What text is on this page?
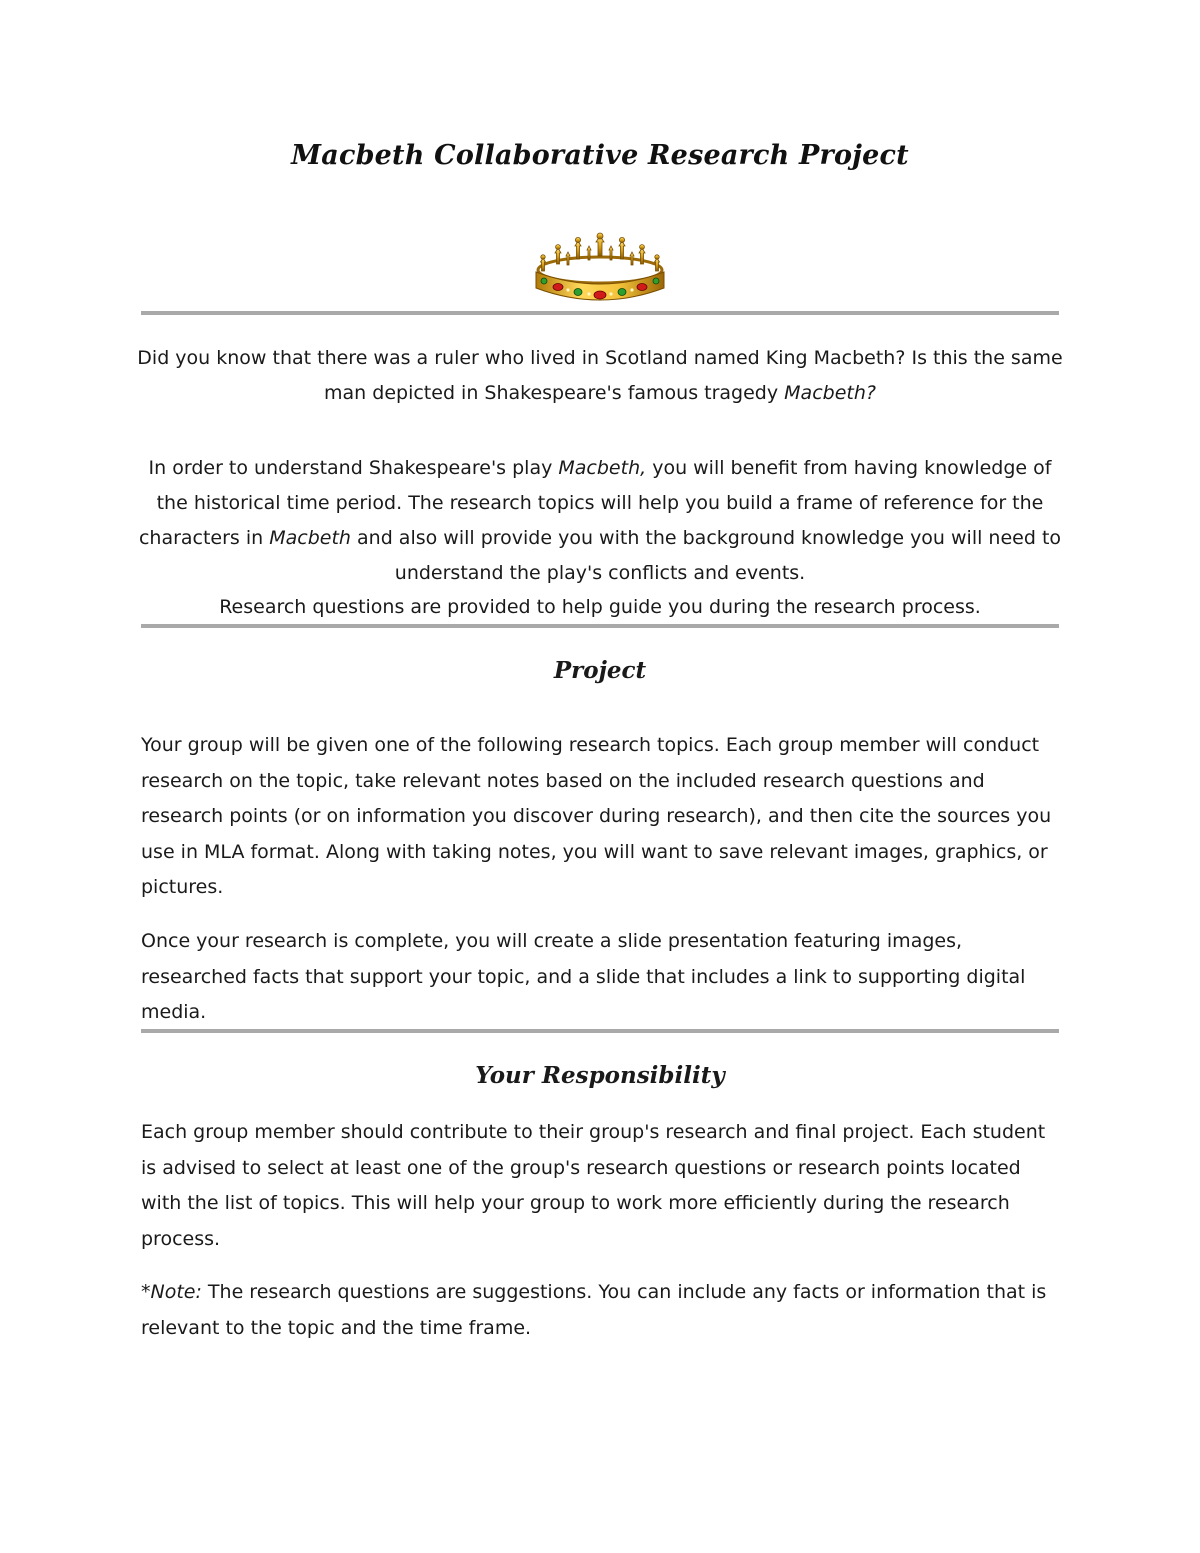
Macbeth Collaborative Research Project
Did you know that there was a ruler who lived in Scotland named King Macbeth? Is this the same man depicted in Shakespeare's famous tragedy Macbeth?
In order to understand Shakespeare's play Macbeth, you will benefit from having knowledge of the historical time period. The research topics will help you build a frame of reference for the characters in Macbeth and also will provide you with the background knowledge you will need to understand the play's conflicts and events.
Research questions are provided to help guide you during the research process.
Project
Your group will be given one of the following research topics. Each group member will conduct research on the topic, take relevant notes based on the included research questions and research points (or on information you discover during research), and then cite the sources you use in MLA format. Along with taking notes, you will want to save relevant images, graphics, or pictures.
Once your research is complete, you will create a slide presentation featuring images, researched facts that support your topic, and a slide that includes a link to supporting digital media.
Your Responsibility
Each group member should contribute to their group's research and final project. Each student is advised to select at least one of the group's research questions or research points located with the list of topics. This will help your group to work more efficiently during the research process.
*Note: The research questions are suggestions. You can include any facts or information that is relevant to the topic and the time frame.
